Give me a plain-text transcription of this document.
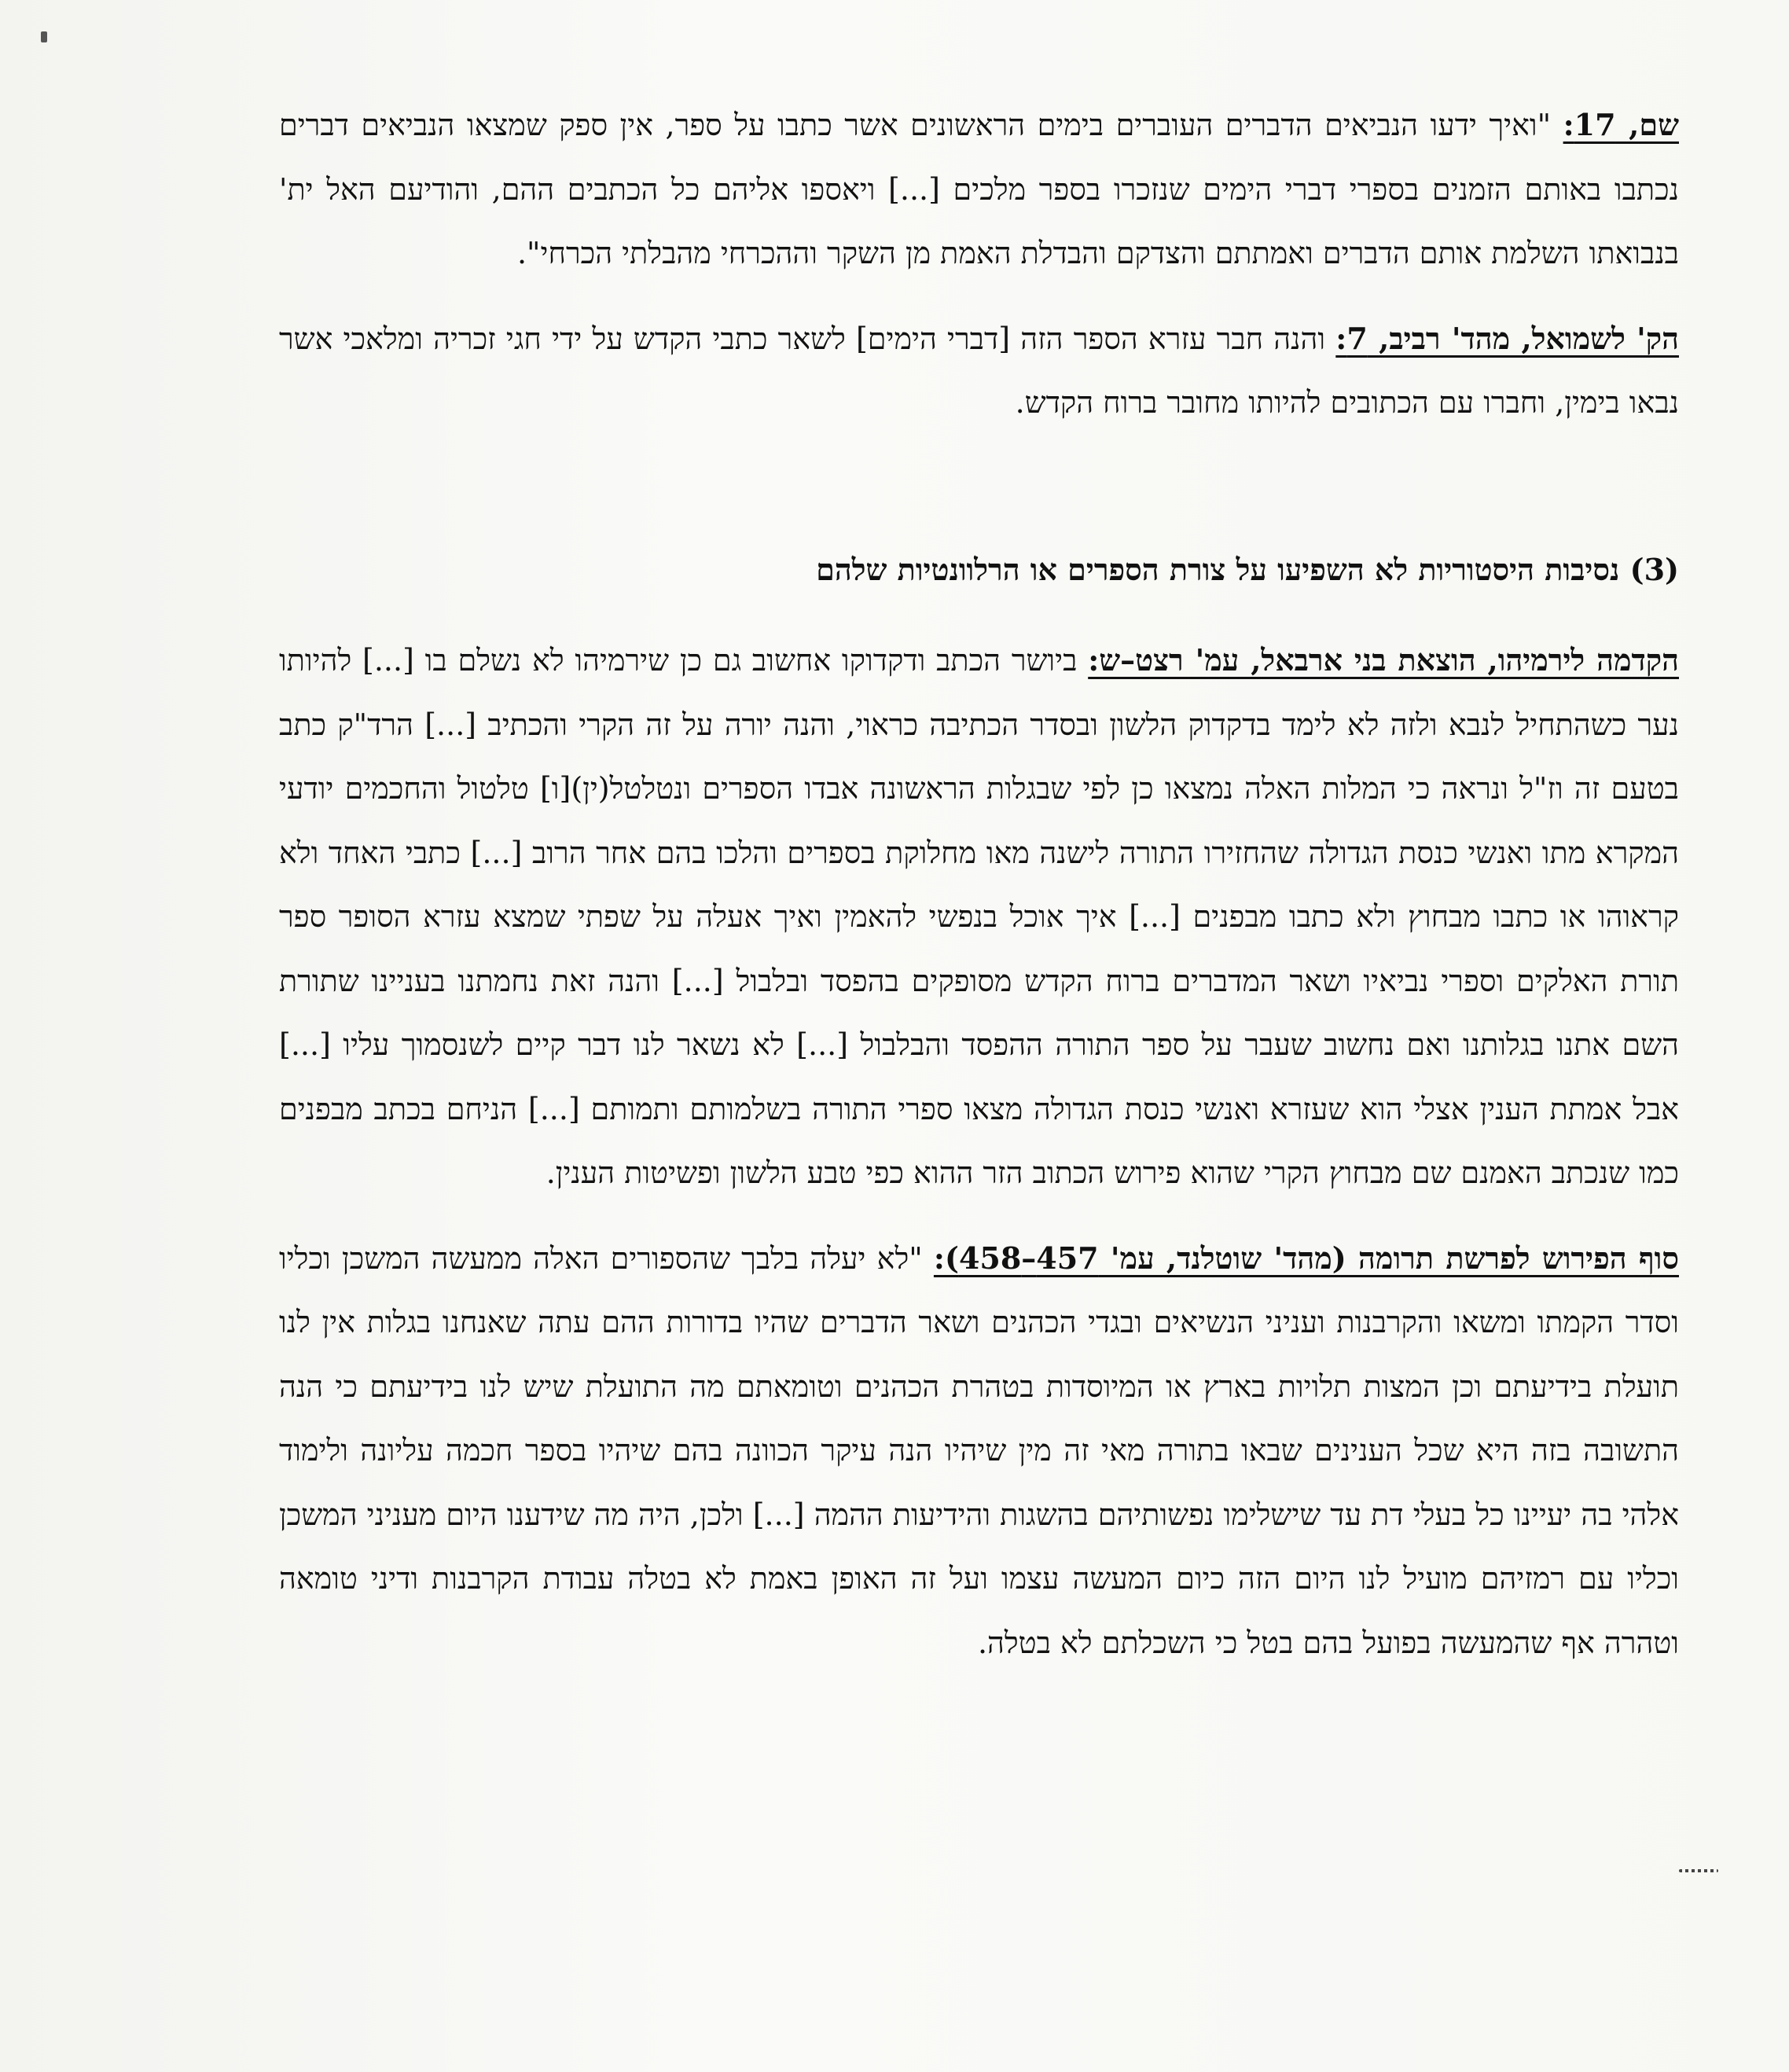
שם, 17: "ואיך ידעו הנביאים הדברים העוברים בימים הראשונים אשר כתבו על ספר, אין ספק שמצאו הנביאים דברים נכתבו באותם הזמנים בספרי דברי הימים שנזכרו בספר מלכים [...] ויאספו אליהם כל הכתבים ההם, והודיעם האל ית' בנבואתו השלמת אותם הדברים ואמתתם והצדקם והבדלת האמת מן השקר וההכרחי מהבלתי הכרחי".

הק' לשמואל, מהד' רביב, 7: והנה חבר עזרא הספר הזה [דברי הימים] לשאר כתבי הקדש על ידי חגי זכריה ומלאכי אשר נבאו בימין, וחברו עם הכתובים להיותו מחובר ברוח הקדש.

(3) נסיבות היסטוריות לא השפיעו על צורת הספרים או הרלוונטיות שלהם

הקדמה לירמיהו, הוצאת בני ארבאל, עמ' רצט–ש: ביושר הכתב ודקדוקו אחשוב גם כן שירמיהו לא נשלם בו [...] להיותו נער כשהתחיל לנבא ולזה לא לימד בדקדוק הלשון ובסדר הכתיבה כראוי, והנה יורה על זה הקרי והכתיב [...] הרד"ק כתב בטעם זה וז"ל ונראה כי המלות האלה נמצאו כן לפי שבגלות הראשונה אבדו הספרים ונטלטל(ין)[ו] טלטול והחכמים יודעי המקרא מתו ואנשי כנסת הגדולה שהחזירו התורה לישנה מאו מחלוקת בספרים והלכו בהם אחר הרוב [...] כתבי האחד ולא קראוהו או כתבו מבחוץ ולא כתבו מבפנים [...] איך אוכל בנפשי להאמין ואיך אעלה על שפתי שמצא עזרא הסופר ספר תורת האלקים וספרי נביאיו ושאר המדברים ברוח הקדש מסופקים בהפסד ובלבול [...] והנה זאת נחמתנו בעניינו שתורת השם אתנו בגלותנו ואם נחשוב שעבר על ספר התורה ההפסד והבלבול [...] לא נשאר לנו דבר קיים לשנסמוך עליו [...] אבל אמתת הענין אצלי הוא שעזרא ואנשי כנסת הגדולה מצאו ספרי התורה בשלמותם ותמותם [...] הניחם בכתב מבפנים כמו שנכתב האמנם שם מבחוץ הקרי שהוא פירוש הכתוב הזר ההוא כפי טבע הלשון ופשיטות הענין.

סוף הפירוש לפרשת תרומה (מהד' שוטלנד, עמ' 457–458): "לא יעלה בלבך שהספורים האלה ממעשה המשכן וכליו וסדר הקמתו ומשאו והקרבנות ועניני הנשיאים ובגדי הכהנים ושאר הדברים שהיו בדורות ההם עתה שאנחנו בגלות אין לנו תועלת בידיעתם וכן המצות תלויות בארץ או המיוסדות בטהרת הכהנים וטומאתם מה התועלת שיש לנו בידיעתם כי הנה התשובה בזה היא שכל הענינים שבאו בתורה מאי זה מין שיהיו הנה עיקר הכוונה בהם שיהיו בספר חכמה עליונה ולימוד אלהי בה יעיינו כל בעלי דת עד שישלימו נפשותיהם בהשגות והידיעות ההמה [...] ולכן, היה מה שידענו היום מעניני המשכן וכליו עם רמזיהם מועיל לנו היום הזה כיום המעשה עצמו ועל זה האופן באמת לא בטלה עבודת הקרבנות ודיני טומאה וטהרה אף שהמעשה בפועל בהם בטל כי השכלתם לא בטלה.
